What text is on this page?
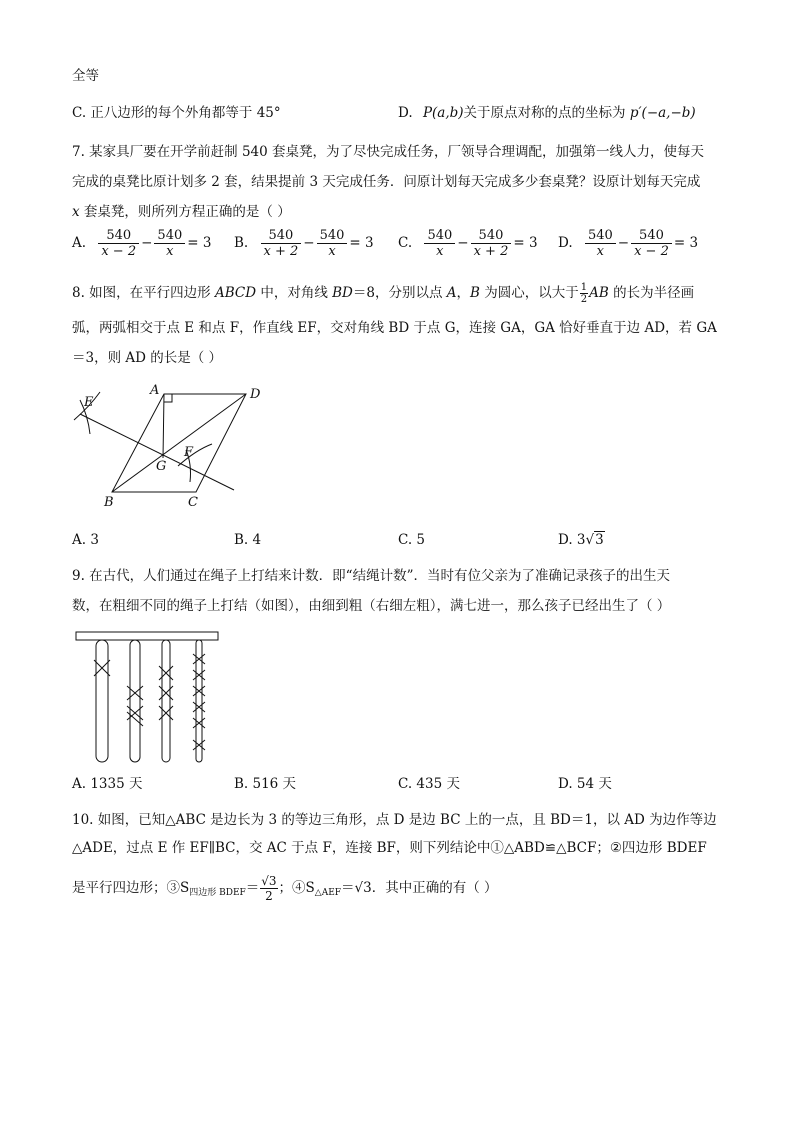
全等
C. 正八边形的每个外角都等于 45°	D. P(a,b)关于原点对称的点的坐标为 p′(−a,−b)
7. 某家具厂要在开学前赶制 540 套桌凳，为了尽快完成任务，厂领导合理调配，加强第一线人力，使每天
完成的桌凳比原计划多 2 套，结果提前 3 天完成任务．问原计划每天完成多少套桌凳？设原计划每天完成
x 套桌凳，则所列方程正确的是（ ）
A. $\frac{540}{x - 2} - \frac{540}{x} = 3$ B. $\frac{540}{x + 2} - \frac{540}{x} = 3$ C. $\frac{540}{x} - \frac{540}{x + 2} = 3$ D. $\frac{540}{x} - \frac{540}{x - 2} = 3$
8. 如图，在平行四边形 ABCD 中，对角线 BD＝8，分别以点 A，B 为圆心，以大于 $\frac{1}{2}$ AB 的长为半径画
弧，两弧相交于点 E 和点 F，作直线 EF，交对角线 BD 于点 G，连接 GA，GA 恰好垂直于边 AD，若 GA
＝3，则 AD 的长是（ ）
A	D
B	C
E
F
G
A. 3	B. 4	C. 5	D. 3√3
9. 在古代，人们通过在绳子上打结来计数．即“结绳计数”．当时有位父亲为了准确记录孩子的出生天
数，在粗细不同的绳子上打结（如图），由细到粗（右细左粗），满七进一，那么孩子已经出生了（ ）
A. 1335 天	B. 516 天	C. 435 天	D. 54 天
10. 如图，已知△ABC 是边长为 3 的等边三角形，点 D 是边 BC 上的一点，且 BD＝1，以 AD 为边作等边
△ADE，过点 E 作 EF∥BC，交 AC 于点 F，连接 BF，则下列结论中①△ABD≌△BCF；②四边形 BDEF
是平行四边形；$③S_{四边形 BDEF}= \frac{√3}{2}$ ；$④S_{\triangle AEF}=√3$．其中正确的有（ ）
